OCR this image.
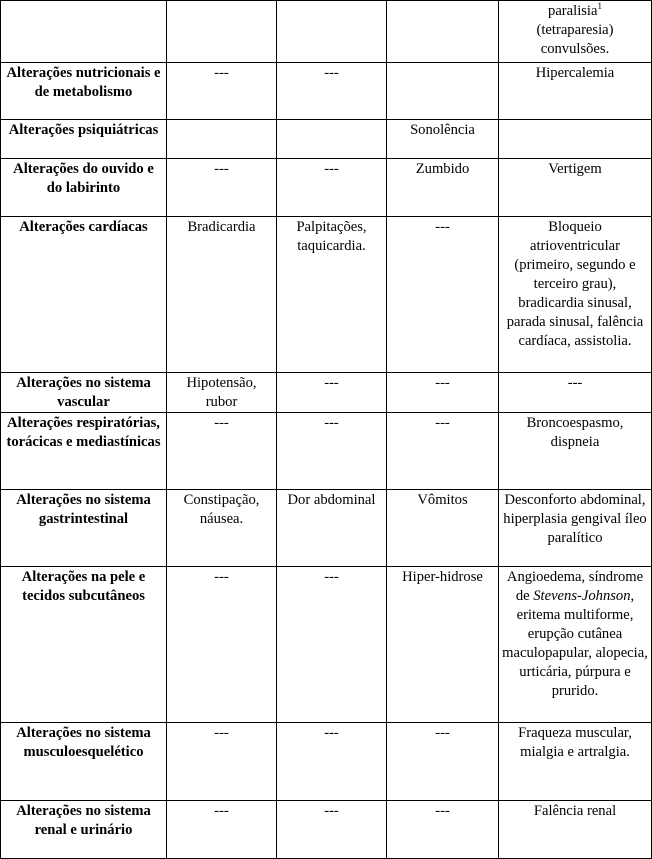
				paralisia$^1$
(tetraparesia)
convulsões.
Alterações nutricionais e de metabolismo	---	---		Hipercalemia
Alterações psiquiátricas			Sonolência	
Alterações do ouvido e do labirinto	---	---	Zumbido	Vertigem
Alterações cardíacas	Bradicardia	Palpitações, taquicardia.	---	Bloqueio atrioventricular (primeiro, segundo e terceiro grau), bradicardia sinusal, parada sinusal, falência cardíaca, assistolia.
Alterações no sistema vascular	Hipotensão, rubor	---	---	---
Alterações respiratórias, torácicas e mediastínicas	---	---	---	Broncoespasmo, dispneia
Alterações no sistema gastrintestinal	Constipação, náusea.	Dor abdominal	Vômitos	Desconforto abdominal, hiperplasia gengival íleo paralítico
Alterações na pele e tecidos subcutâneos	---	---	Hiper-hidrose	Angioedema, síndrome de Stevens-Johnson, eritema multiforme, erupção cutânea maculopapular, alopecia, urticária, púrpura e prurido.
Alterações no sistema musculoesquelético	---	---	---	Fraqueza muscular, mialgia e artralgia.
Alterações no sistema renal e urinário	---	---	---	Falência renal
